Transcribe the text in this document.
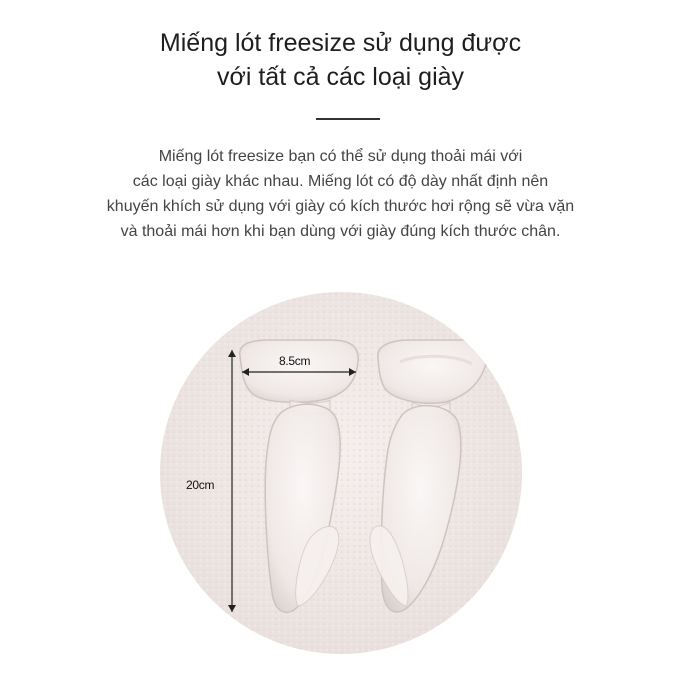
Miếng lót freesize sử dụng được
với tất cả các loại giày
Miếng lót freesize bạn có thể sử dụng thoải mái với
các loại giày khác nhau. Miếng lót có độ dày nhất định nên
khuyến khích sử dụng với giày có kích thước hơi rộng sẽ vừa vặn
và thoải mái hơn khi bạn dùng với giày đúng kích thước chân.
8.5cm
20cm
